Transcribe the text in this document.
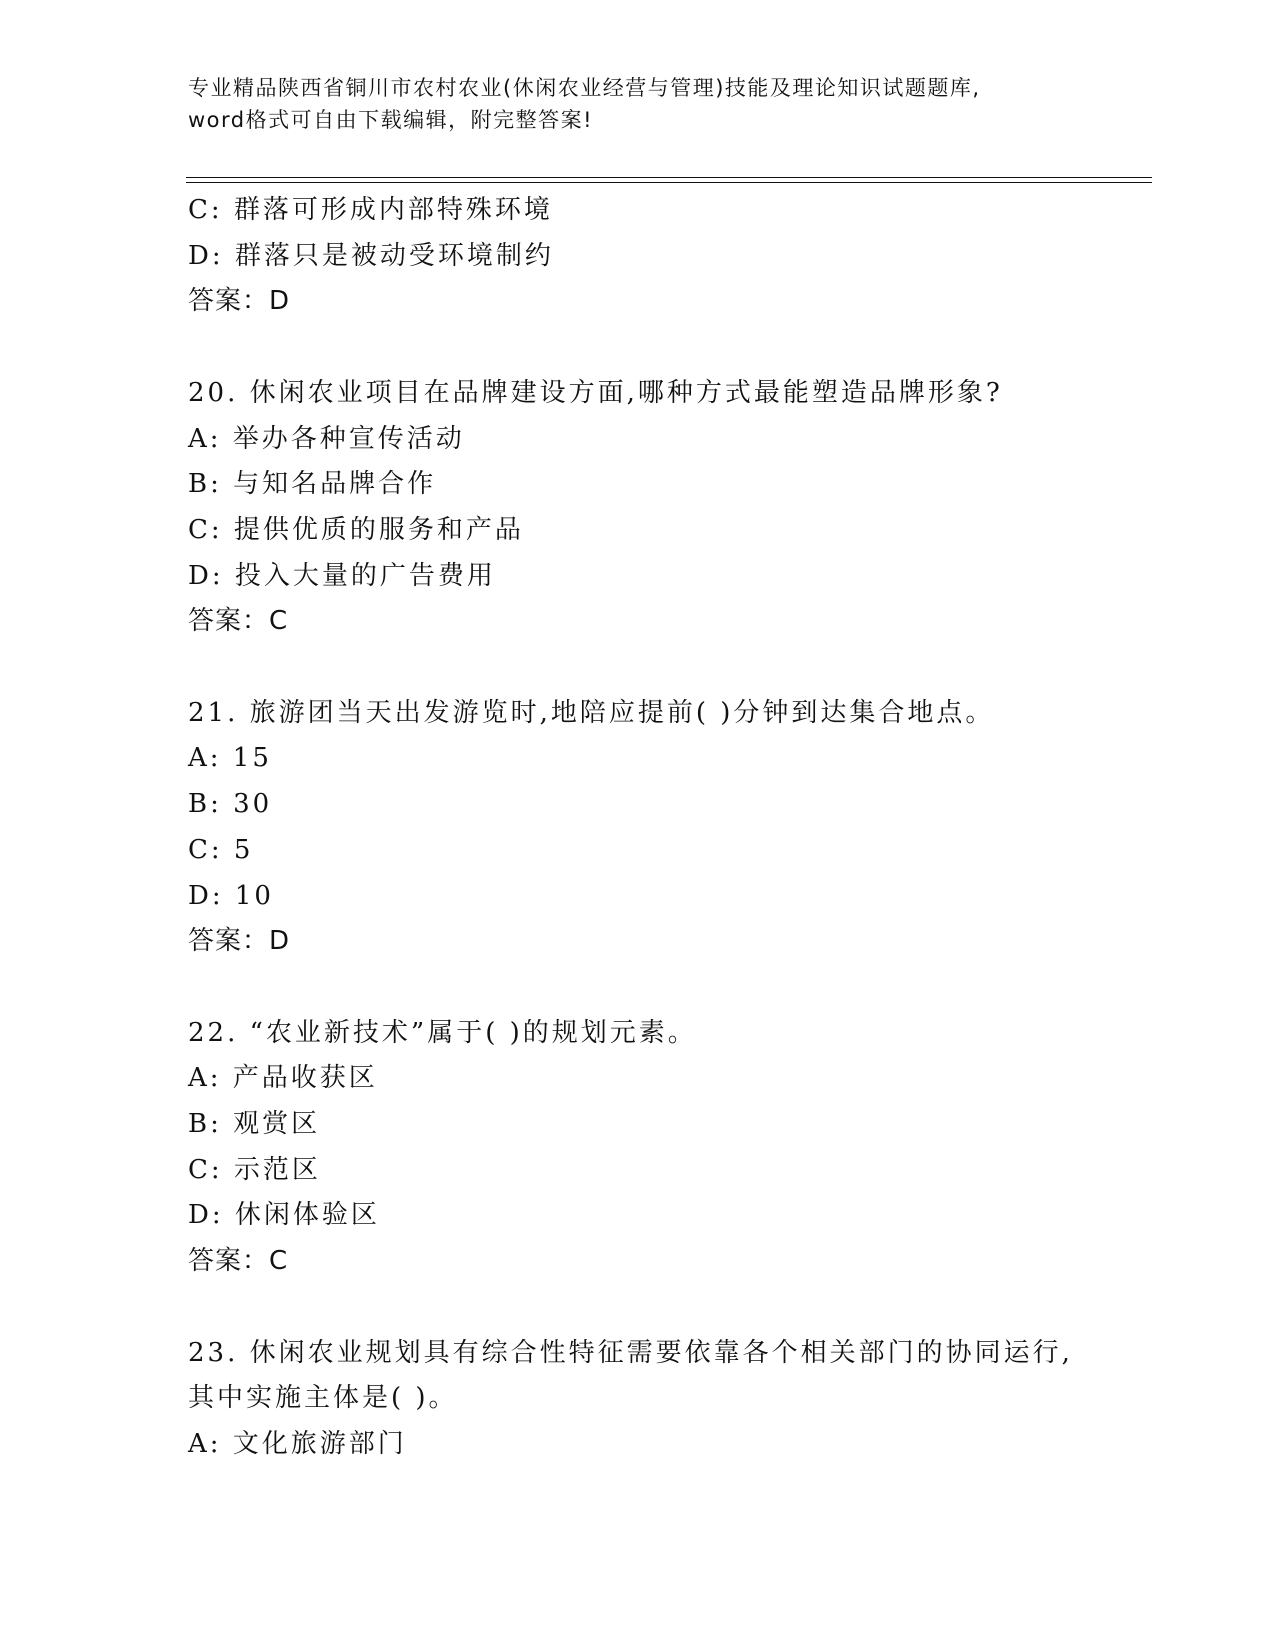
专业精品陕西省铜川市农村农业(休闲农业经营与管理)技能及理论知识试题题库,
word格式可自由下载编辑，附完整答案!
C: 群落可形成内部特殊环境
D: 群落只是被动受环境制约
答案：D
20. 休闲农业项目在品牌建设方面,哪种方式最能塑造品牌形象?
A: 举办各种宣传活动
B: 与知名品牌合作
C: 提供优质的服务和产品
D: 投入大量的广告费用
答案：C
21. 旅游团当天出发游览时,地陪应提前( )分钟到达集合地点。
A: 15
B: 30
C: 5
D: 10
答案：D
22. “农业新技术”属于( )的规划元素。
A: 产品收获区
B: 观赏区
C: 示范区
D: 休闲体验区
答案：C
23. 休闲农业规划具有综合性特征需要依靠各个相关部门的协同运行,
其中实施主体是( )。
A: 文化旅游部门
